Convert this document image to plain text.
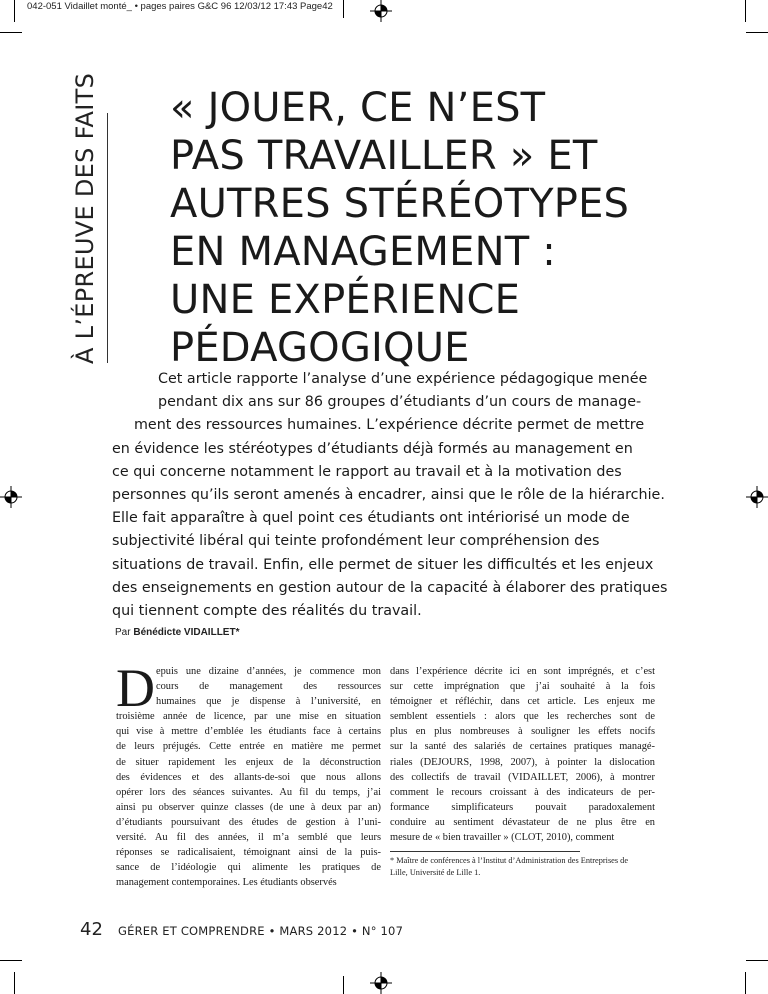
042-051 Vidaillet monté_ • pages paires G&C 96 12/03/12 17:43 Page42
À L’ÉPREUVE DES FAITS « JOUER, CE N’EST
PAS TRAVAILLER » ET
AUTRES STÉRÉOTYPES
EN MANAGEMENT :
UNE EXPÉRIENCE
PÉDAGOGIQUE
Cet article rapporte l’analyse d’une expérience pédagogique menée
pendant dix ans sur 86 groupes d’étudiants d’un cours de manage-
ment des ressources humaines. L’expérience décrite permet de mettre
en évidence les stéréotypes d’étudiants déjà formés au management en
ce qui concerne notamment le rapport au travail et à la motivation des
personnes qu’ils seront amenés à encadrer, ainsi que le rôle de la hiérarchie.
Elle fait apparaître à quel point ces étudiants ont intériorisé un mode de
subjectivité libéral qui teinte profondément leur compréhension des
situations de travail. Enfin, elle permet de situer les difficultés et les enjeux
des enseignements en gestion autour de la capacité à élaborer des pratiques
qui tiennent compte des réalités du travail.
Par Bénédicte VIDAILLET*
D epuis une dizaine d’années, je commence mon
cours de management des ressources
humaines que je dispense à l’université, en
troisième année de licence, par une mise en situation
qui vise à mettre d’emblée les étudiants face à certains
de leurs préjugés. Cette entrée en matière me permet
de situer rapidement les enjeux de la déconstruction
des évidences et des allants-de-soi que nous allons
opérer lors des séances suivantes. Au fil du temps, j’ai
ainsi pu observer quinze classes (de une à deux par an)
d’étudiants poursuivant des études de gestion à l’uni-
versité. Au fil des années, il m’a semblé que leurs
réponses se radicalisaient, témoignant ainsi de la puis-
sance de l’idéologie qui alimente les pratiques de
management contemporaines. Les étudiants observés
dans l’expérience décrite ici en sont imprégnés, et c’est
sur cette imprégnation que j’ai souhaité à la fois
témoigner et réfléchir, dans cet article. Les enjeux me
semblent essentiels : alors que les recherches sont de
plus en plus nombreuses à souligner les effets nocifs
sur la santé des salariés de certaines pratiques managé-
riales (DEJOURS, 1998, 2007), à pointer la dislocation
des collectifs de travail (VIDAILLET, 2006), à montrer
comment le recours croissant à des indicateurs de per-
formance simplificateurs pouvait paradoxalement
conduire au sentiment dévastateur de ne plus être en
mesure de « bien travailler » (CLOT, 2010), comment
* Maître de conférences à l’Institut d’Administration des Entreprises de
Lille, Université de Lille 1.
42 GÉRER ET COMPRENDRE • MARS 2012 • N° 107
